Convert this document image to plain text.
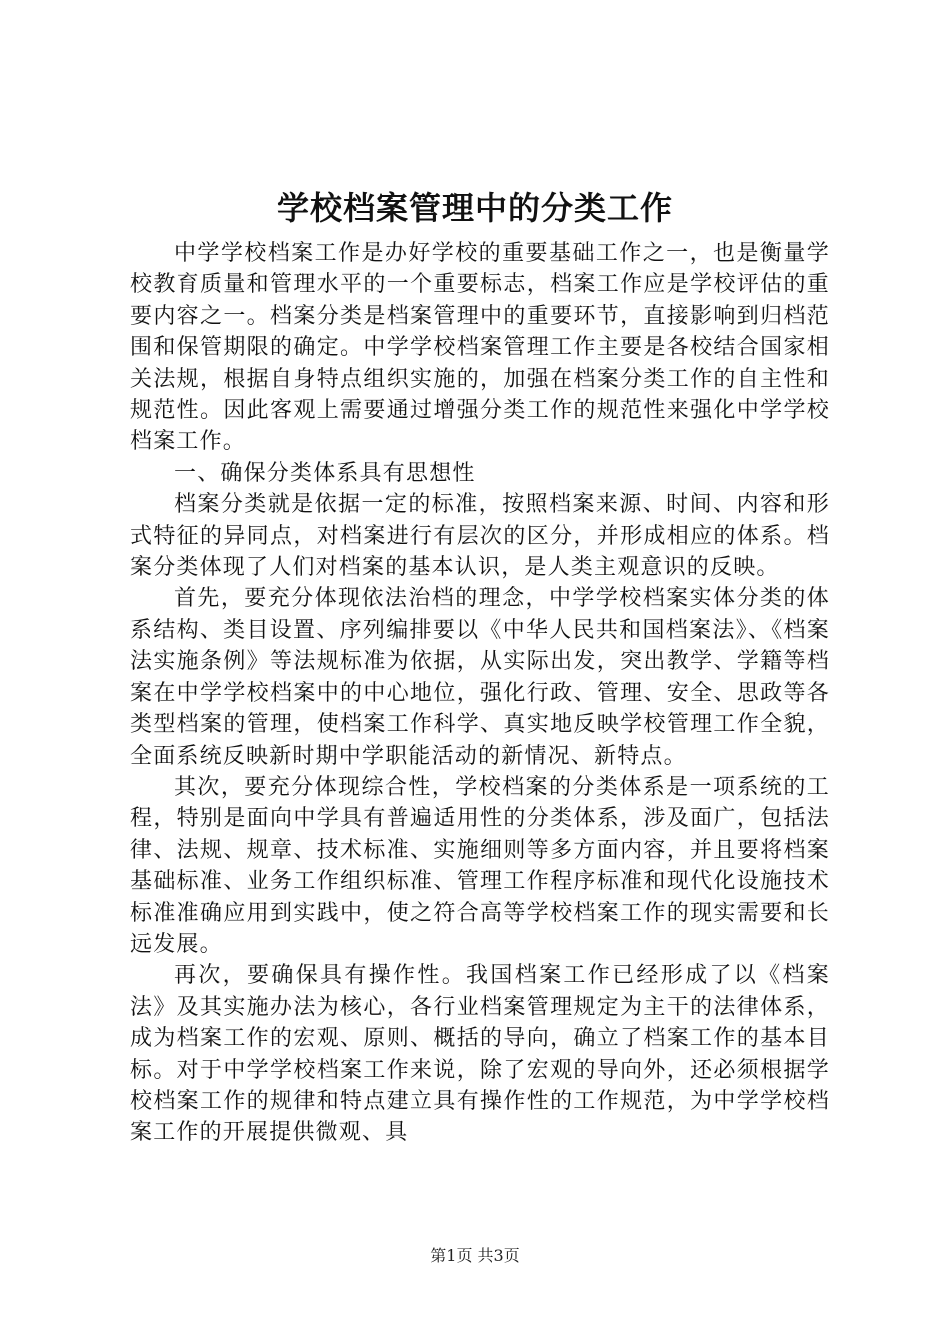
学校档案管理中的分类工作

中学学校档案工作是办好学校的重要基础工作之一，也是衡量学校教育质量和管理水平的一个重要标志，档案工作应是学校评估的重要内容之一。档案分类是档案管理中的重要环节，直接影响到归档范围和保管期限的确定。中学学校档案管理工作主要是各校结合国家相关法规，根据自身特点组织实施的，加强在档案分类工作的自主性和规范性。因此客观上需要通过增强分类工作的规范性来强化中学学校档案工作。

一、确保分类体系具有思想性

档案分类就是依据一定的标准，按照档案来源、时间、内容和形式特征的异同点，对档案进行有层次的区分，并形成相应的体系。档案分类体现了人们对档案的基本认识，是人类主观意识的反映。

首先，要充分体现依法治档的理念，中学学校档案实体分类的体系结构、类目设置、序列编排要以《中华人民共和国档案法》、《档案法实施条例》等法规标准为依据，从实际出发，突出教学、学籍等档案在中学学校档案中的中心地位，强化行政、管理、安全、思政等各类型档案的管理，使档案工作科学、真实地反映学校管理工作全貌，全面系统反映新时期中学职能活动的新情况、新特点。

其次，要充分体现综合性，学校档案的分类体系是一项系统的工程，特别是面向中学具有普遍适用性的分类体系，涉及面广，包括法律、法规、规章、技术标准、实施细则等多方面内容，并且要将档案基础标准、业务工作组织标准、管理工作程序标准和现代化设施技术标准准确应用到实践中，使之符合高等学校档案工作的现实需要和长远发展。

再次，要确保具有操作性。我国档案工作已经形成了以《档案法》及其实施办法为核心，各行业档案管理规定为主干的法律体系，成为档案工作的宏观、原则、概括的导向，确立了档案工作的基本目标。对于中学学校档案工作来说，除了宏观的导向外，还必须根据学校档案工作的规律和特点建立具有操作性的工作规范，为中学学校档案工作的开展提供微观、具

第1页 共3页
